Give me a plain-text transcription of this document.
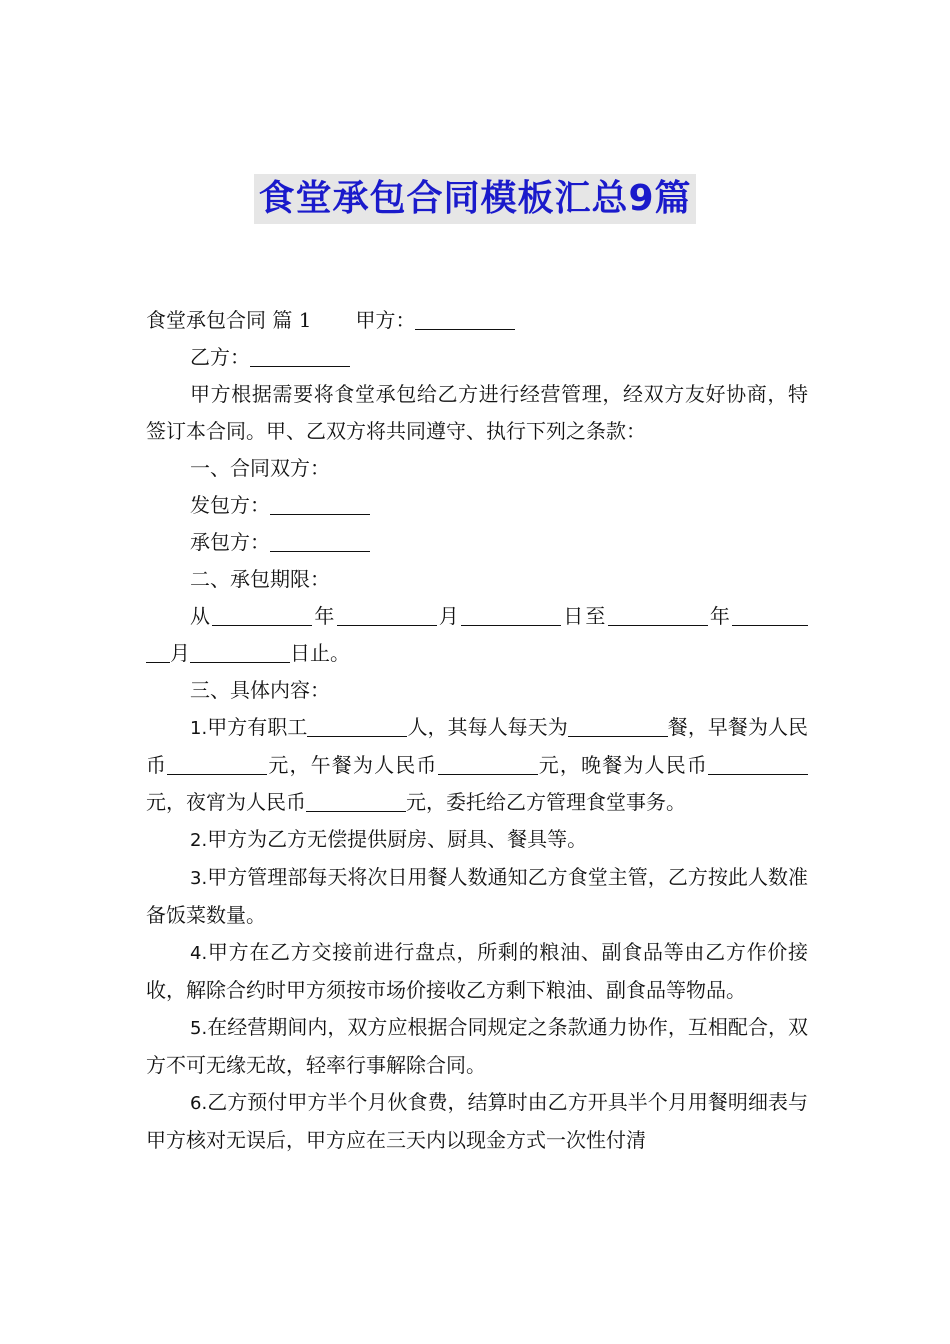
食堂承包合同模板汇总9篇

食堂承包合同 篇 1 甲方：

乙方：

甲方根据需要将食堂承包给乙方进行经营管理，经双方友好协商，特签订本合同。甲、乙双方将共同遵守、执行下列之条款：

一、合同双方：

发包方：

承包方：

二、承包期限：

从	年	月	日至	年月	日止。

三、具体内容：

1.甲方有职工	人，其每人每天为	餐，早餐为人民币	元，午餐为人民币	元，晚餐为人民币元，夜宵为人民币	元，委托给乙方管理食堂事务。

2.甲方为乙方无偿提供厨房、厨具、餐具等。

3.甲方管理部每天将次日用餐人数通知乙方食堂主管，乙方按此人数准备饭菜数量。

4.甲方在乙方交接前进行盘点，所剩的粮油、副食品等由乙方作价接收，解除合约时甲方须按市场价接收乙方剩下粮油、副食品等物品。

5.在经营期间内，双方应根据合同规定之条款通力协作，互相配合，双方不可无缘无故，轻率行事解除合同。

6.乙方预付甲方半个月伙食费，结算时由乙方开具半个月用餐明细表与甲方核对无误后，甲方应在三天内以现金方式一次性付清
